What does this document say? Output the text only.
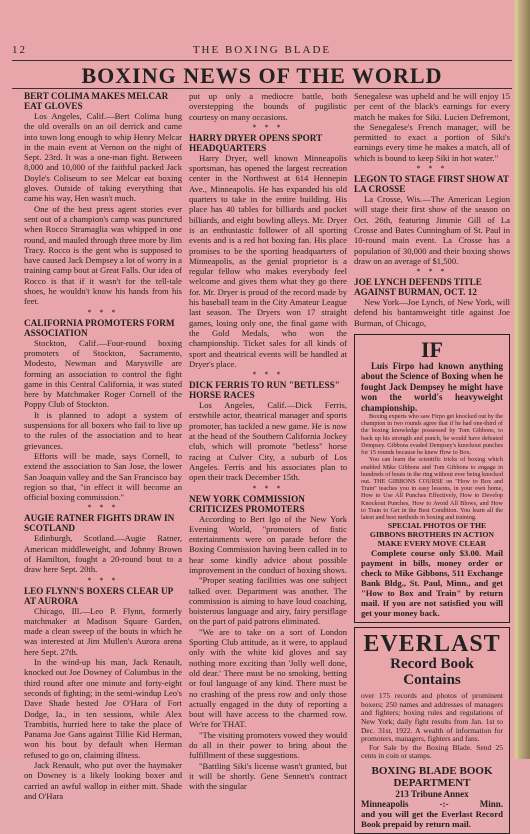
THE BOXING BLADE
12
BOXING NEWS OF THE WORLD
BERT COLIMA MAKES MELCAR EAT GLOVES

Los Angeles, Calif.—Bert Colima hung the old overalls on an oil derrick and came into town long enough to whip Henry Melcar in the main event at Vernon on the night of Sept. 23rd. It was a one-man fight. Between 8,000 and 10,000 of the faithful packed Jack Doyle's Coliseum to see Melcar eat boxing gloves. Outside of taking everything that came his way, Hen wasn't much.

One of the best press agent stories ever sent out of a champion's camp was punctured when Rocco Stramaglia was whipped in one round, and mauled through three more by Jim Tracy. Rocco is the gent who is supposed to have caused Jack Dempsey a lot of worry in a training camp bout at Great Falls. Our idea of Rocco is that if it wasn't for the tell-tale shoes, he wouldn't know his hands from his feet.

* * *
CALIFORNIA PROMOTERS FORM ASSOCIATION

Stockton, Calif.—Four-round boxing promoters of Stockton, Sacramento, Modesto, Newman and Marysville are forming an association to control the fight game in this Central California, it was stated here by Matchmaker Roger Cornell of the Poppy Club of Stockton.

It is planned to adopt a system of suspensions for all boxers who fail to live up to the rules of the association and to hear grievances.

Efforts will be made, says Cornell, to extend the association to San Jose, the lower San Joaquin valley and the San Francisco bay region so that, "in effect it will become an official boxing commission."

* * *
AUGIE RATNER FIGHTS DRAW IN SCOTLAND

Edinburgh, Scotland.—Augie Ratner, American middleweight, and Johnny Brown of Hamilton, fought a 20-round bout to a draw here Sept. 20th.

* * *
LEO FLYNN'S BOXERS CLEAR UP AT AURORA

Chicago, Ill.—Leo P. Flynn, formerly matchmaker at Madison Square Garden, made a clean sweep of the bouts in which he was interested at Jim Mullen's Aurora arena here Sept. 27th.

In the wind-up his man, Jack Renault, knocked out Joe Downey of Columbus in the third round after one minute and forty-eight seconds of fighting; in the semi-windup Leo's Dave Shade bested Joe O'Hara of Fort Dodge, Ia., in ten sessions, while Alex Trambitis, hurried here to take the place of Panama Joe Gans against Tillie Kid Herman, won his bout by default when Herman refused to go on, claiming illness.

Jack Renault, who put over the haymaker on Downey is a likely looking boxer and carried an awful wallop in either mitt. Shade and O'Hara

put up only a mediocre battle, both overstepping the bounds of pugilistic courtesy on many occasions.

* * *
HARRY DRYER OPENS SPORT HEADQUARTERS

Harry Dryer, well known Minneapolis sportsman, has opened the largest recreation center in the Northwest at 614 Hennepin Ave., Minneapolis. He has expanded his old quarters to take in the entire building. His place has 40 tables for billiards and pocket billiards, and eight bowling alleys. Mr. Dryer is an enthusiastic follower of all sporting events and is a red hot boxing fan. His place promises to be the sporting headquarters of Minneapolis, as the genial proprietor is a regular fellow who makes everybody feel welcome and gives them what they go there for. Mr. Dryer is proud of the record made by his baseball team in the City Amateur League last season. The Dryers won 17 straight games, losing only one, the final game with the Gold Medals, who won the championship. Ticket sales for all kinds of sport and theatrical events will be handled at Dryer's place.

* * *
DICK FERRIS TO RUN "BETLESS" HORSE RACES

Los Angeles, Calif.—Dick Ferris, erstwhile actor, theatrical manager and sports promoter, has tackled a new game. He is now at the head of the Southern California Jockey club, which will promote "betless" horse racing at Culver City, a suburb of Los Angeles. Ferris and his associates plan to open their track December 15th.

* * *
NEW YORK COMMISSION CRITICIZES PROMOTERS

According to Bert Igo of the New York Evening World, "promoters of fistic entertainments were on parade before the Boxing Commission having been called in to hear some kindly advice about possible improvement in the conduct of boxing shows.

"Proper seating facilities was one subject talked over. Department was another. The commission is aiming to have loud coaching, boisterous language and airy, fairy persiflage on the part of paid patrons eliminated.

"We are to take on a sort of London Sporting Club attitude, as it were, to applaud only with the white kid gloves and say nothing more exciting than 'Jolly well done, old dear.' There must be no smoking, betting or foul language of any kind. There must be no crashing of the press row and only those actually engaged in the duty of reporting a bout will have access to the charmed row. We're for THAT.

"The visiting promoters vowed they would do all in their power to bring about the fulfillment of these suggestions.

"Battling Siki's license wasn't granted, but it will be shortly. Gene Sennett's contract with the singular

Senegalese was upheld and he will enjoy 15 per cent of the black's earnings for every match he makes for Siki. Lucien Defremont, the Senegalese's French manager, will be permitted to exact a portion of Siki's earnings every time he makes a match, all of which is bound to keep Siki in hot water."

* * *
LEGON TO STAGE FIRST SHOW AT LA CROSSE

La Crosse, Wis.—The American Legion will stage their first show of the season on Oct. 26th, featuring Jimmie Gill of La Crosse and Bates Cunningham of St. Paul in 10-round main event. La Crosse has a population of 30,000 and their boxing shows draw on an average of $1,500.

* * *
JOE LYNCH DEFENDS TITLE AGAINST BURMAN, OCT. 12

New York—Joe Lynch, of New York, will defend his bantamweight title against Joe Burman, of Chicago,

IF

Luis Firpo had known anything about the Science of Boxing when he fought Jack Dempsey he might have won the world's heavyweight championship.

Boxing experts who saw Firpo get knocked out by the champion in two rounds agree that if he had one-third of the boxing knowledge possessed by Tom Gibbons, to back up his strength and punch, he would have defeated Dempsey. Gibbons evaded Dempsey's knockout punches for 15 rounds because he knew How to Box.

You can learn the scientific tricks of boxing which enabled Mike Gibbons and Tom Gibbons to engage in hundreds of bouts in the ring without ever being knocked out. THE GIBBONS COURSE on "How to Box and Train" teaches you in easy lessons, in your own home, How to Use All Punches Effectively, How to Develop Knockout Punches, How to Avoid All Blows, and How to Train to Get in the Best Condition. You learn all the latest and best methods in boxing and training.

SPECIAL PHOTOS OF THE GIBBONS BROTHERS IN ACTION MAKE EVERY MOVE CLEAR

Complete course only $3.00. Mail payment in bills, money order or check to Mike Gibbons, 511 Exchange Bank Bldg., St. Paul, Minn., and get "How to Box and Train" by return mail. If you are not satisfied you will get your money back.

EVERLAST
Record Book
Contains

over 175 records and photos of prominent boxers; 250 names and addresses of managers and fighters; boxing rules and regulations of New York; daily fight results from Jan. 1st to Dec. 31st, 1922. A wealth of information for promoters, managers, fighters and fans.

For Sale by the Boxing Blade. Send 25 cents in coin or stamps.

BOXING BLADE BOOK
DEPARTMENT
213 Tribune Annex
Minneapolis	-:-	Minn.
and you will get the Everlast Record Book prepaid by return mail.
